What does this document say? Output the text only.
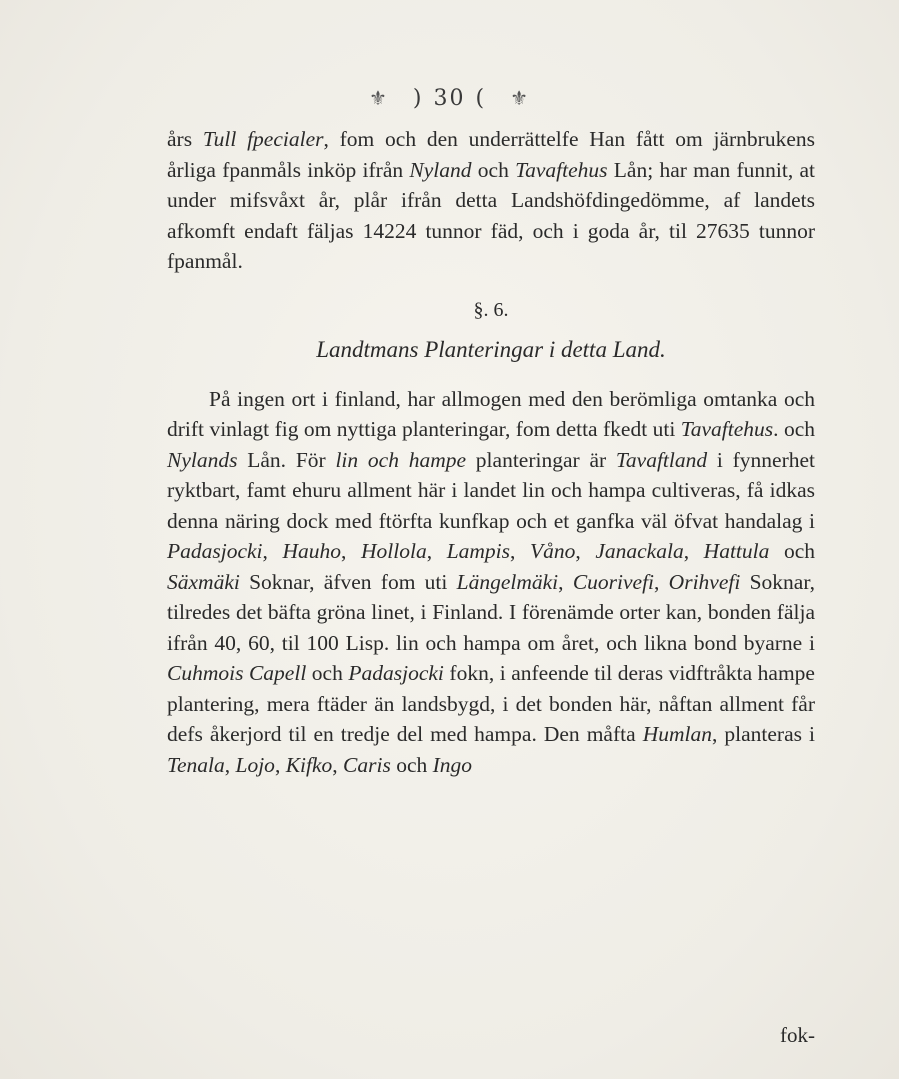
⚜ ) 30 ( ⚜

års Tull fpecialer, fom och den underrättelfe Han fått om järnbrukens årliga fpanmåls inköp ifrån Nyland och Tavaftehus Lån; har man funnit, at under mifsvåxt år, plår ifrån detta Landshöfdingedömme, af landets afkomft endaft fäljas 14224 tunnor fäd, och i goda år, til 27635 tunnor fpanmål.

§. 6.
Landtmans Planteringar i detta Land.

På ingen ort i finland, har allmogen med den berömliga omtanka och drift vinlagt fig om nyttiga planteringar, fom detta fkedt uti Tavaftehus. och Nylands Lån. För lin och hampe planteringar är Tavaftland i fynnerhet ryktbart, famt ehuru allment här i landet lin och hampa cultiveras, få idkas denna näring dock med ftörfta kunfkap och et ganfka väl öfvat handalag i Padasjocki, Hauho, Hollola, Lampis, Våno, Janackala, Hattula och Säxmäki Soknar, äfven fom uti Längelmäki, Cuorivefi, Orihvefi Soknar, tilredes det bäfta gröna linet, i Finland. I förenämde orter kan, bonden fälja ifrån 40, 60, til 100 Lisp. lin och hampa om året, och likna bond byarne i Cuhmois Capell och Padasjocki fokn, i anfeende til deras vidftråkta hampe plantering, mera ftäder än landsbygd, i det bonden här, nåftan allment får defs åkerjord til en tredje del med hampa. Den måfta Humlan, planteras i Tenala, Lojo, Kifko, Caris och Ingo

fok-
